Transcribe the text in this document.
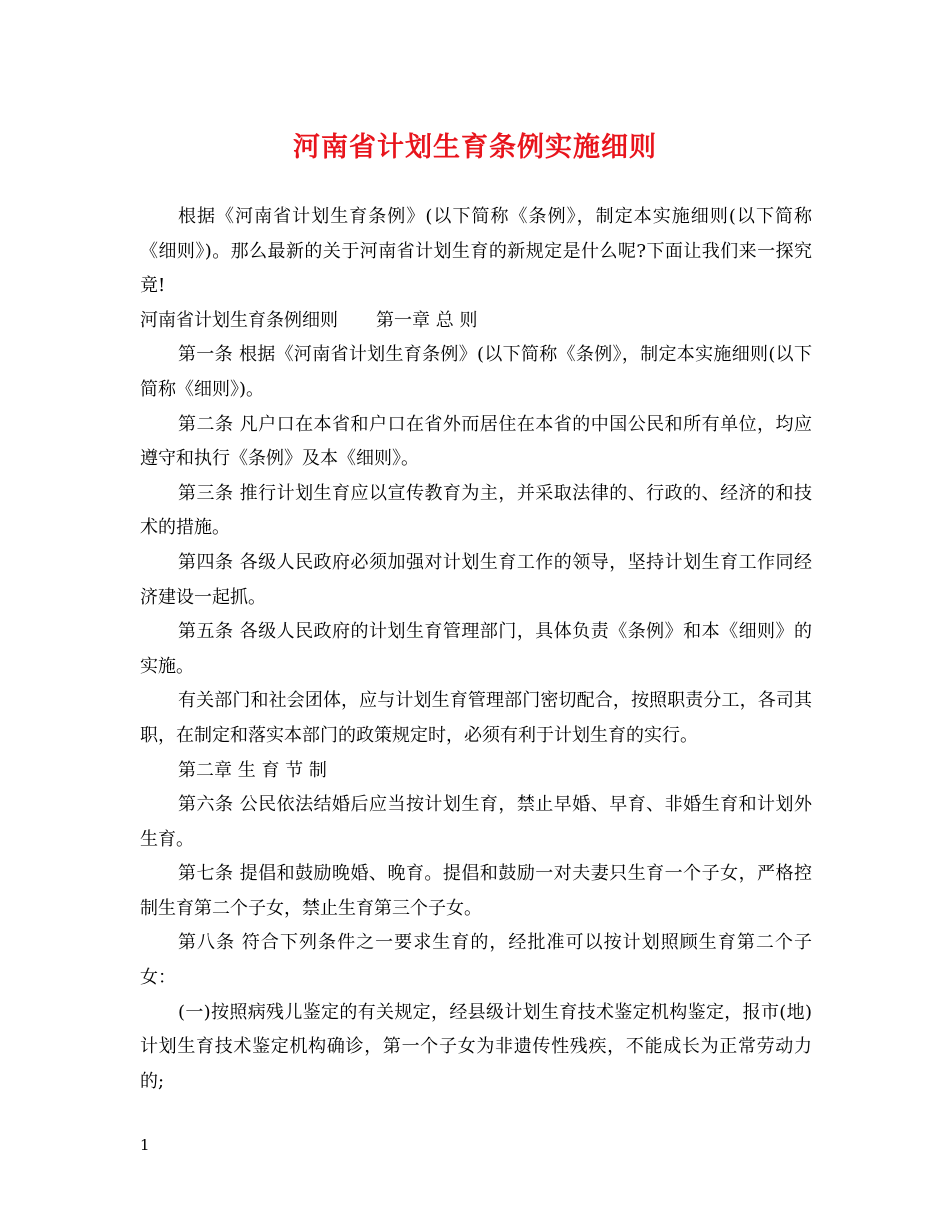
河南省计划生育条例实施细则

根据《河南省计划生育条例》(以下简称《条例》，制定本实施细则(以下简称《细则》)。那么最新的关于河南省计划生育的新规定是什么呢?下面让我们来一探究竟!

河南省计划生育条例细则 第一章 总 则

第一条 根据《河南省计划生育条例》(以下简称《条例》，制定本实施细则(以下简称《细则》)。

第二条 凡户口在本省和户口在省外而居住在本省的中国公民和所有单位，均应遵守和执行《条例》及本《细则》。

第三条 推行计划生育应以宣传教育为主，并采取法律的、行政的、经济的和技术的措施。

第四条 各级人民政府必须加强对计划生育工作的领导，坚持计划生育工作同经济建设一起抓。

第五条 各级人民政府的计划生育管理部门，具体负责《条例》和本《细则》的实施。

有关部门和社会团体，应与计划生育管理部门密切配合，按照职责分工，各司其职，在制定和落实本部门的政策规定时，必须有利于计划生育的实行。

第二章 生 育 节 制

第六条 公民依法结婚后应当按计划生育，禁止早婚、早育、非婚生育和计划外生育。

第七条 提倡和鼓励晚婚、晚育。提倡和鼓励一对夫妻只生育一个子女，严格控制生育第二个子女，禁止生育第三个子女。

第八条 符合下列条件之一要求生育的，经批准可以按计划照顾生育第二个子女：

(一)按照病残儿鉴定的有关规定，经县级计划生育技术鉴定机构鉴定，报市(地)计划生育技术鉴定机构确诊，第一个子女为非遗传性残疾，不能成长为正常劳动力的;

1
